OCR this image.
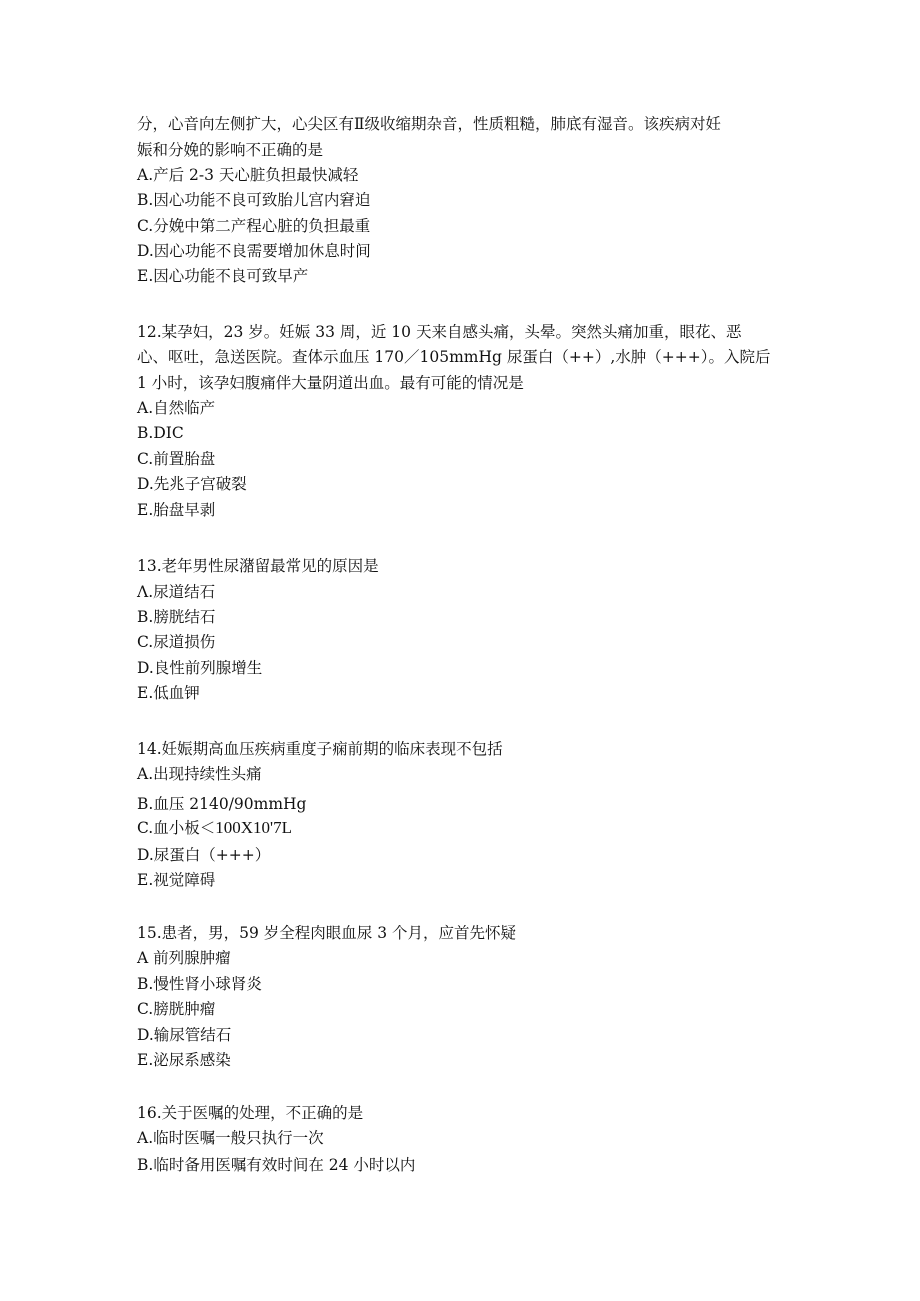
分，心音向左侧扩大，心尖区有Ⅱ级收缩期杂音，性质粗糙，肺底有湿音。该疾病对妊
娠和分娩的影响不正确的是
A.产后 2-3 天心脏负担最快减轻
B.因心功能不良可致胎儿宫内窘迫
C.分娩中第二产程心脏的负担最重
D.因心功能不良需要增加休息时间
E.因心功能不良可致早产
12.某孕妇，23 岁。妊娠 33 周，近 10 天来自感头痛，头晕。突然头痛加重，眼花、恶
心、呕吐，急送医院。查体示血压 170／105mmHg 尿蛋白（++）,水肿（+++）。入院后
1 小时，该孕妇腹痛伴大量阴道出血。最有可能的情况是
A.自然临产
B.DIC
C.前置胎盘
D.先兆子宫破裂
E.胎盘早剥
13.老年男性尿潴留最常见的原因是
Λ.尿道结石
B.膀胱结石
C.尿道损伤
D.良性前列腺增生
E.低血钾
14.妊娠期高血压疾病重度子痫前期的临床表现不包括
A.出现持续性头痛
B.血压 2140/90mmHg
C.血小板＜100X10'7L
D.尿蛋白（+++）
E.视觉障碍
15.患者，男，59 岁全程肉眼血尿 3 个月，应首先怀疑
A 前列腺肿瘤
B.慢性肾小球肾炎
C.膀胱肿瘤
D.输尿管结石
E.泌尿系感染
16.关于医嘱的处理，不正确的是
A.临时医嘱一般只执行一次
B.临时备用医嘱有效时间在 24 小时以内
